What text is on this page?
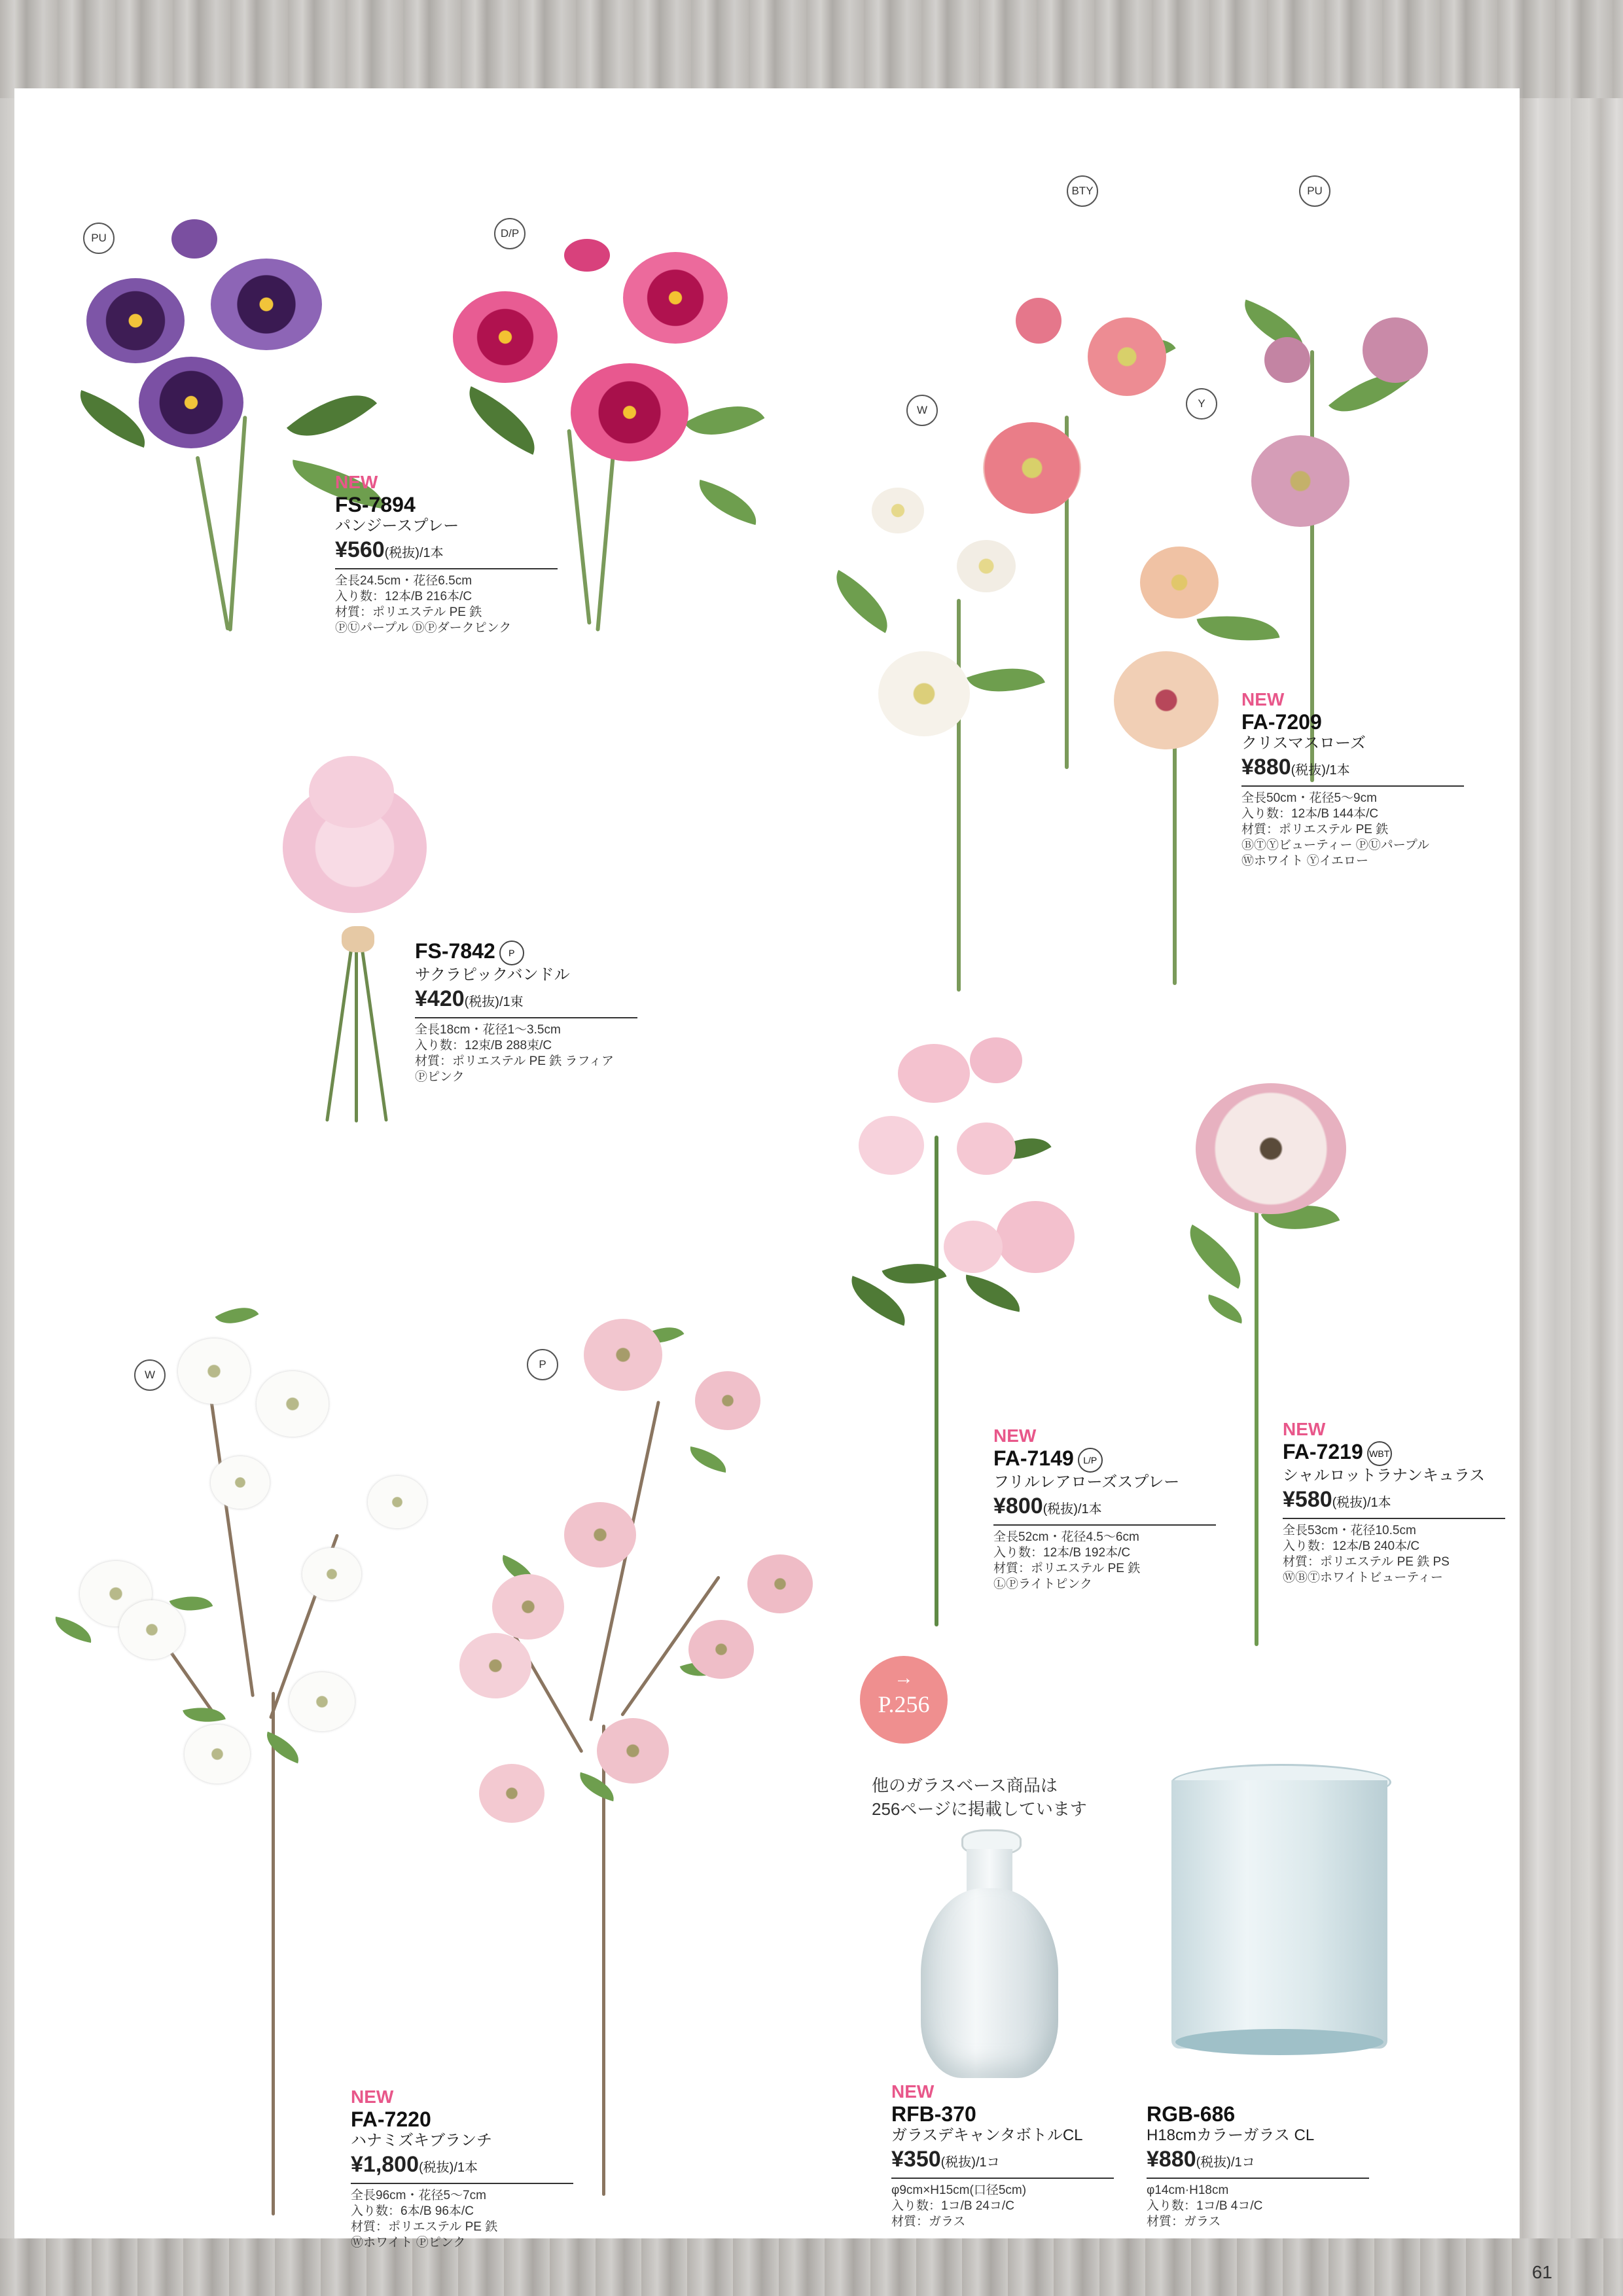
2019 SPRING THEME PRINTEMPS DRESSER
PU	D/P
NEW
FS-7894
パンジースプレー
¥560(税抜)/1本
全長24.5cm・花径6.5cm
入り数：12本/B 216本/C
材質：ポリエステル PE 鉄
ⓅⓊパープル ⒹⓅダークピンク
BTY	PU
W
Y
NEW
FA-7209
クリスマスローズ
¥880(税抜)/1本
全長50cm・花径5〜9cm
入り数：12本/B 144本/C
材質：ポリエステル PE 鉄
ⒷⓉⓎビューティー ⓅⓊパープル
Ⓦホワイト Ⓨイエロー
FS-7842 P
サクラピックバンドル
¥420(税抜)/1束
全長18cm・花径1〜3.5cm
入り数：12束/B 288束/C
材質：ポリエステル PE 鉄 ラフィア
Ⓟピンク
NEW
FA-7149 L/P
フリルレアローズスプレー
¥800(税抜)/1本
全長52cm・花径4.5〜6cm
入り数：12本/B 192本/C
材質：ポリエステル PE 鉄
ⓁⓅライトピンク
NEW
FA-7219 WBT
シャルロットラナンキュラス
¥580(税抜)/1本
全長53cm・花径10.5cm
入り数：12本/B 240本/C
材質：ポリエステル PE 鉄 PS
ⓌⒷⓉホワイトビューティー
W
P
NEW
FA-7220
ハナミズキブランチ
¥1,800(税抜)/1本
全長96cm・花径5〜7cm
入り数：6本/B 96本/C
材質：ポリエステル PE 鉄
Ⓦホワイト Ⓟピンク
→
P.256
他のガラスベース商品は
256ページに掲載しています
NEW
RFB-370
ガラスデキャンタボトルCL
¥350(税抜)/1コ
φ9cm×H15cm(口径5cm)
入り数：1コ/B 24コ/C
材質：ガラス
RGB-686
H18cmカラーガラス CL
¥880(税抜)/1コ
φ14cm·H18cm
入り数：1コ/B 4コ/C
材質：ガラス
61
